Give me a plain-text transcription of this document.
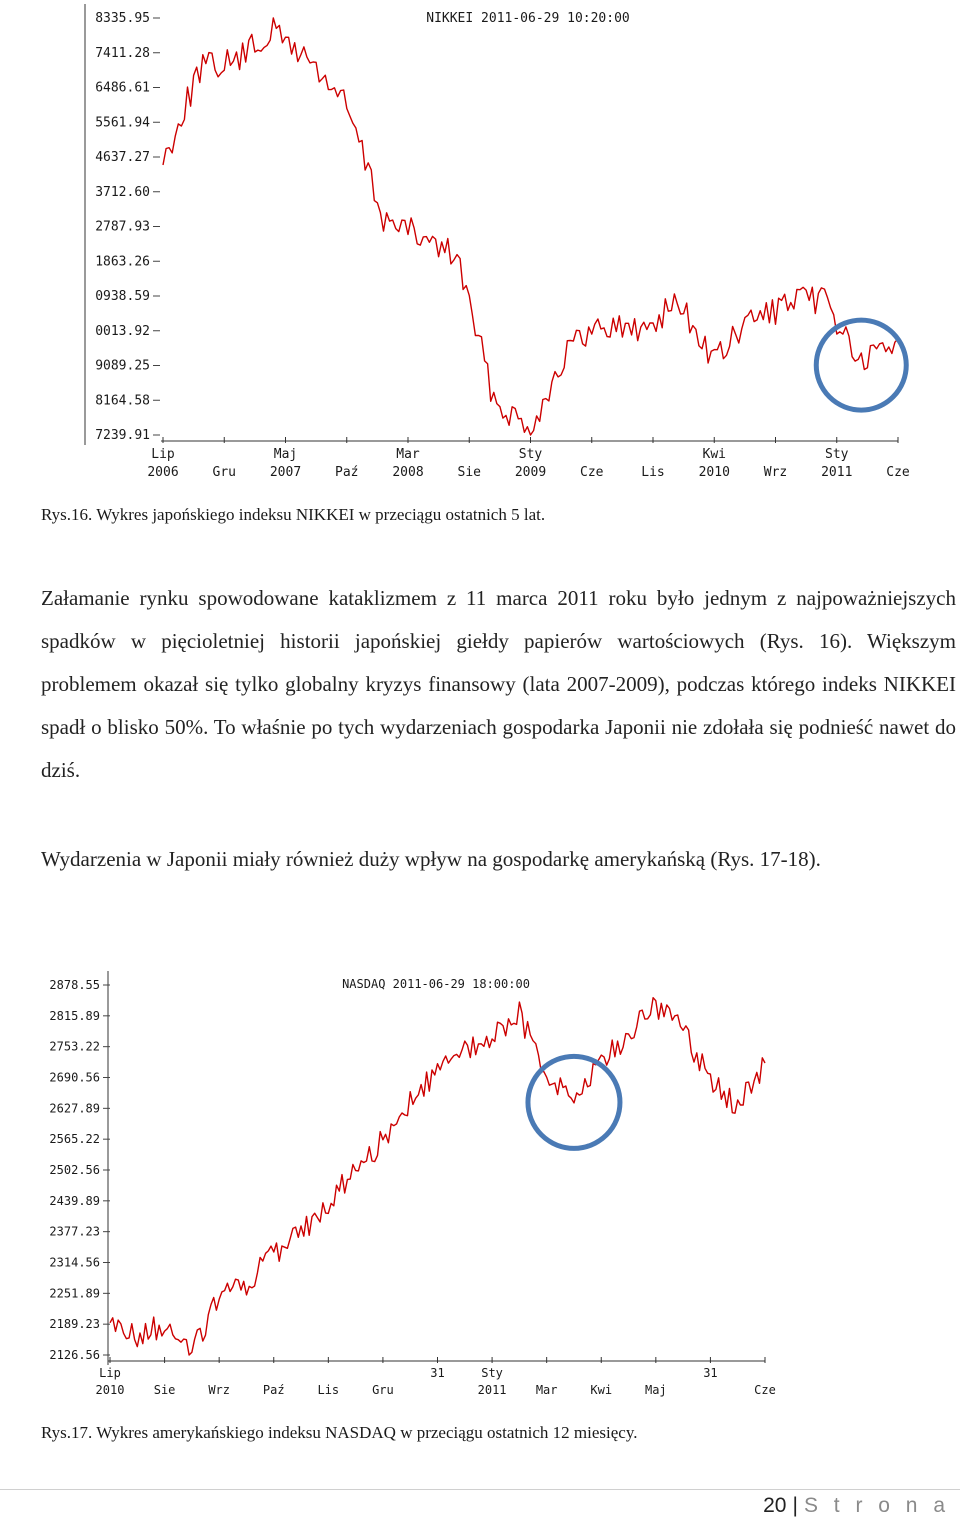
8335.95
7411.28
6486.61
5561.94
4637.27
3712.60
2787.93
1863.26
0938.59
0013.92
9089.25
8164.58
7239.91
2006	Gru	2007	Paź	2008	Sie	2009	Cze	Lis	2010	Wrz	2011	Cze
Lip	Maj	Mar	Sty	Kwi	Sty
NIKKEI 2011-06-29 10:20:00
Rys.16. Wykres japońskiego indeksu NIKKEI w przeciągu ostatnich 5 lat.

Załamanie rynku spowodowane kataklizmem z 11 marca 2011 roku było jednym z najpoważniejszych spadków w pięcioletniej historii japońskiej giełdy papierów wartościowych (Rys. 16). Większym problemem okazał się tylko globalny kryzys finansowy (lata 2007-2009), podczas którego indeks NIKKEI spadł o blisko 50%. To właśnie po tych wydarzeniach gospodarka Japonii nie zdołała się podnieść nawet do dziś.

Wydarzenia w Japonii miały również duży wpływ na gospodarkę amerykańską (Rys. 17-18).

2878.55
2815.89
2753.22
2690.56
2627.89
2565.22
2502.56
2439.89
2377.23
2314.56
2251.89
2189.23
2126.56
2010 Sie	Wrz	Paź	Lis	Gru	2011 Mar	Kwi	Maj	Cze
Lip	31	Sty	31
NASDAQ 2011-06-29 18:00:00
Rys.17. Wykres amerykańskiego indeksu NASDAQ w przeciągu ostatnich 12 miesięcy.
20 | S t r o n a
